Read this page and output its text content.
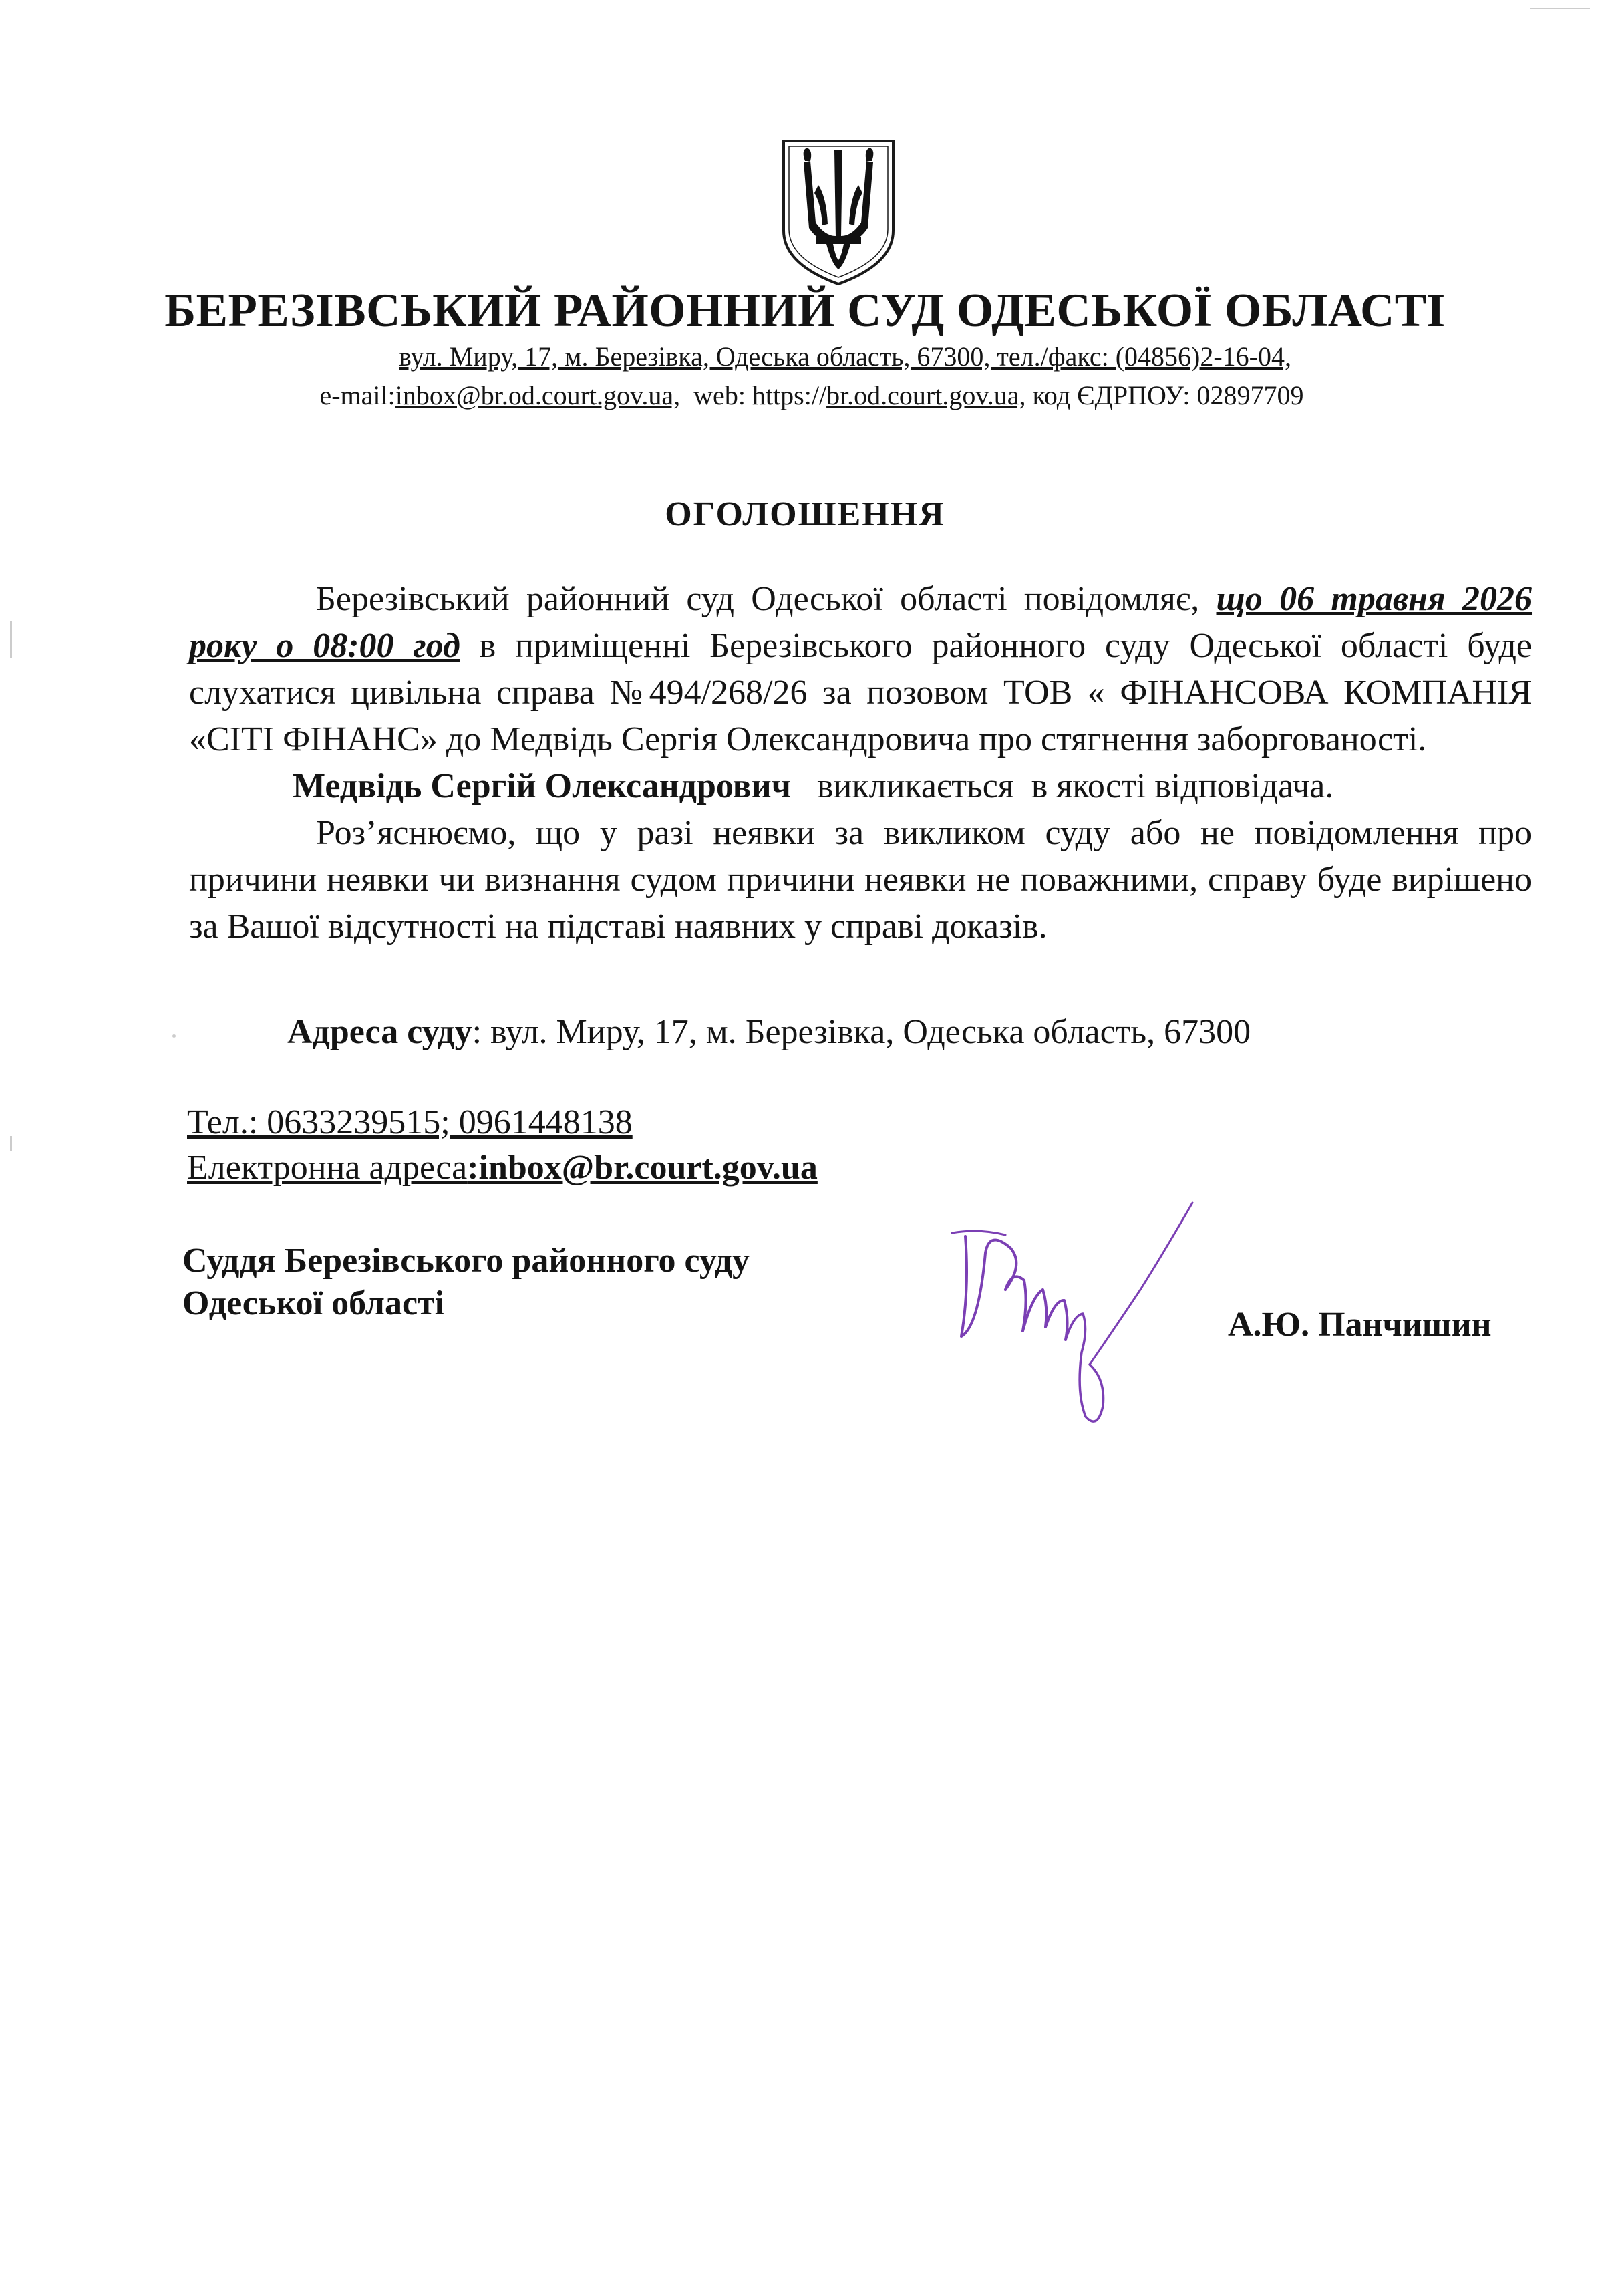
БЕРЕЗІВСЬКИЙ РАЙОННИЙ СУД ОДЕСЬКОЇ ОБЛАСТІ
вул. Миру, 17, м. Березівка, Одеська область, 67300, тел./факс: (04856)2-16-04,
e-mail:inbox@br.od.court.gov.ua,  web: https://br.od.court.gov.ua, код ЄДРПОУ: 02897709
ОГОЛОШЕННЯ

Березівський районний суд Одеської області повідомляє, що 06 травня 2026 року о 08:00 год в приміщенні Березівського районного суду Одеської області буде слухатися цивільна справа №494/268/26 за позовом ТОВ « ФІНАНСОВА КОМПАНІЯ «СІТІ ФІНАНС» до Медвідь Сергія Олександровича про стягнення заборгованості.

Медвідь Сергій Олександрович   викликається  в якості відповідача.

Роз’яснюємо, що у разі неявки за викликом суду або не повідомлення про причини неявки чи визнання судом причини неявки не поважними, справу буде вирішено за Вашої відсутності на підставі наявних у справі доказів.

Адреса суду: вул. Миру, 17, м. Березівка, Одеська область, 67300
Тел.: 0633239515; 0961448138
Електронна адреса:inbox@br.court.gov.ua
Суддя Березівського районного суду
Одеської області
А.Ю. Панчишин
